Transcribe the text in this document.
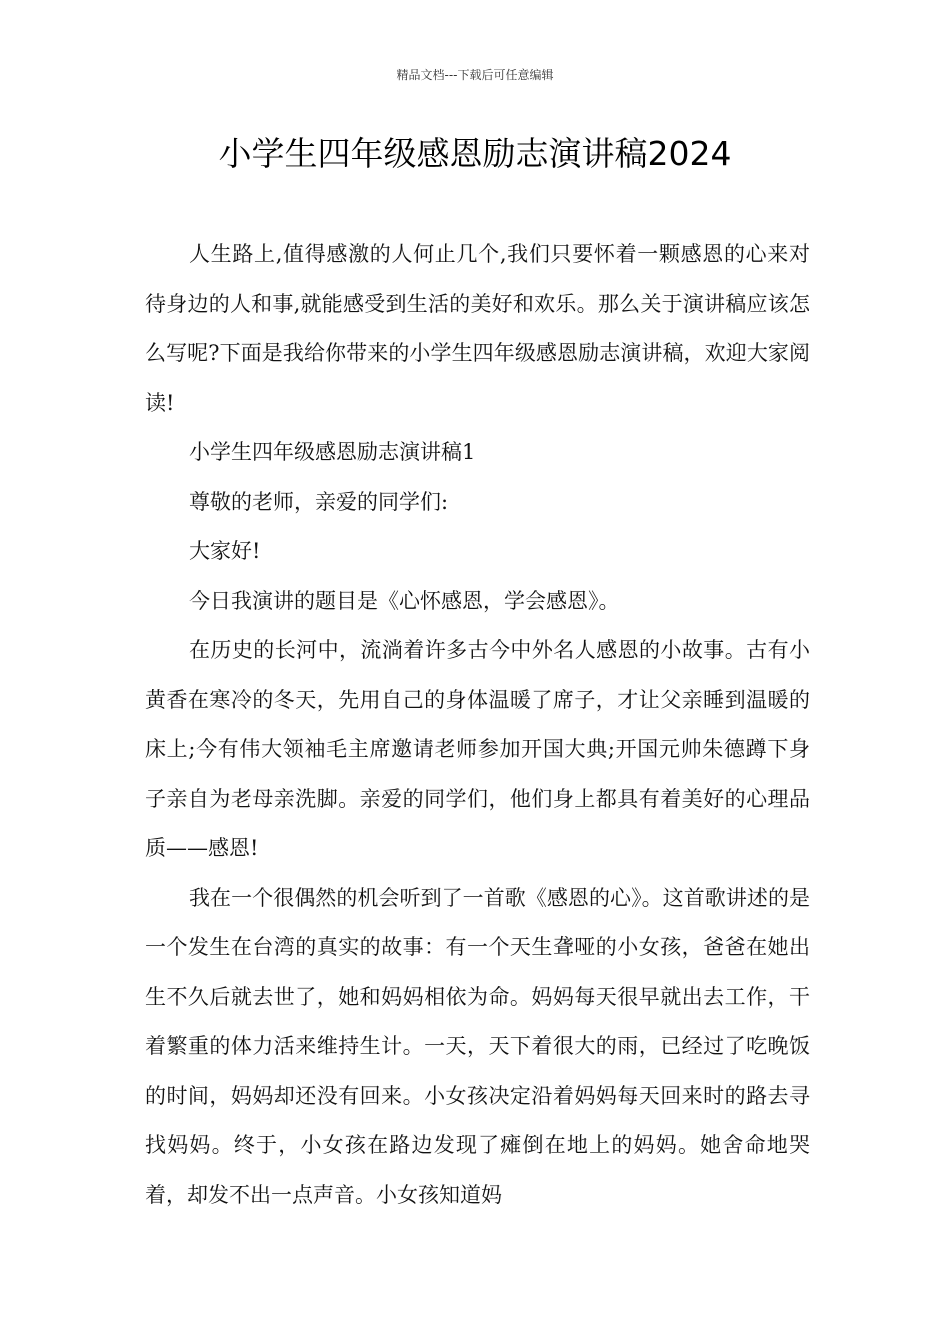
精品文档---下载后可任意编辑
小学生四年级感恩励志演讲稿2024

人生路上,值得感激的人何止几个,我们只要怀着一颗感恩的心来对待身边的人和事,就能感受到生活的美好和欢乐。那么关于演讲稿应该怎么写呢?下面是我给你带来的小学生四年级感恩励志演讲稿，欢迎大家阅读!

小学生四年级感恩励志演讲稿1

尊敬的老师，亲爱的同学们:

大家好!

今日我演讲的题目是《心怀感恩，学会感恩》。

在历史的长河中，流淌着许多古今中外名人感恩的小故事。古有小黄香在寒冷的冬天，先用自己的身体温暖了席子，才让父亲睡到温暖的床上;今有伟大领袖毛主席邀请老师参加开国大典;开国元帅朱德蹲下身子亲自为老母亲洗脚。亲爱的同学们，他们身上都具有着美好的心理品质——感恩!

我在一个很偶然的机会听到了一首歌《感恩的心》。这首歌讲述的是一个发生在台湾的真实的故事：有一个天生聋哑的小女孩，爸爸在她出生不久后就去世了，她和妈妈相依为命。妈妈每天很早就出去工作，干着繁重的体力活来维持生计。一天，天下着很大的雨，已经过了吃晚饭的时间，妈妈却还没有回来。小女孩决定沿着妈妈每天回来时的路去寻找妈妈。终于，小女孩在路边发现了瘫倒在地上的妈妈。她舍命地哭着，却发不出一点声音。小女孩知道妈
